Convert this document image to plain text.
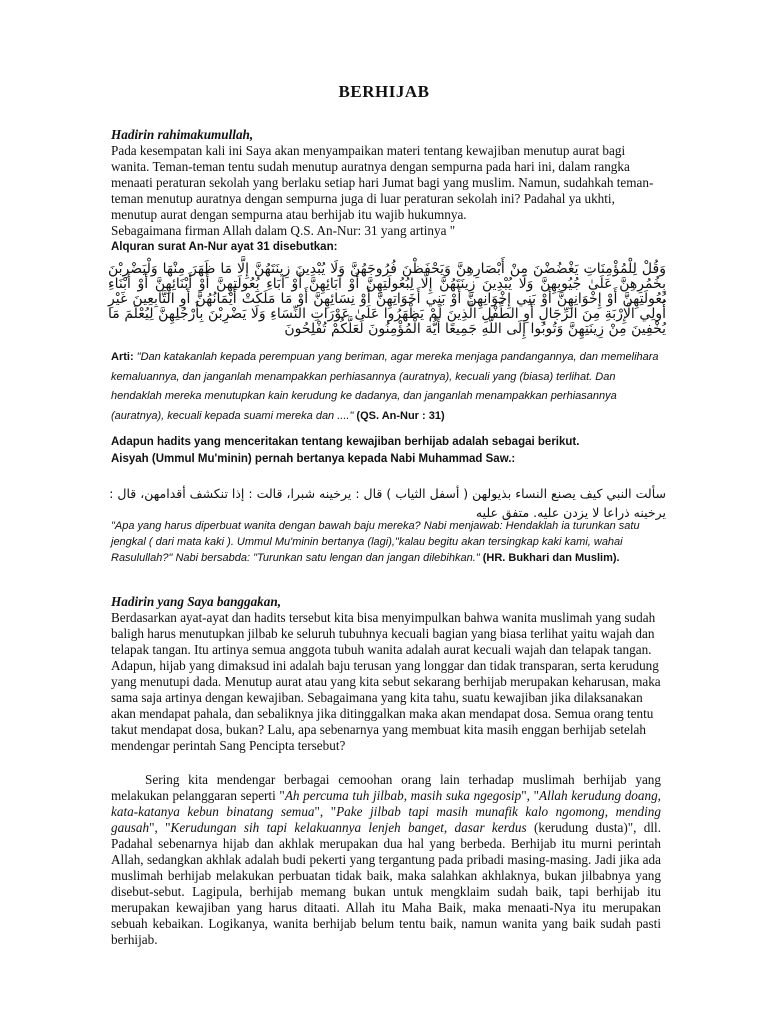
BERHIJAB
Hadirin rahimakumullah,
Pada kesempatan kali ini Saya akan menyampaikan materi tentang kewajiban menutup aurat bagi wanita. Teman-teman tentu sudah menutup auratnya dengan sempurna pada hari ini, dalam rangka menaati peraturan sekolah yang berlaku setiap hari Jumat bagi yang muslim. Namun, sudahkah teman-teman menutup auratnya dengan sempurna juga di luar peraturan sekolah ini? Padahal ya ukhti, menutup aurat dengan sempurna atau berhijab itu wajib hukumnya.
Sebagaimana firman Allah dalam Q.S. An-Nur: 31 yang artinya "
Alquran surat An-Nur ayat 31 disebutkan:
وَقُلْ لِلْمُؤْمِنَاتِ يَغْضُضْنَ مِنْ أَبْصَارِهِنَّ وَيَحْفَظْنَ فُرُوجَهُنَّ وَلَا يُبْدِينَ زِينَتَهُنَّ إِلَّا مَا ظَهَرَ مِنْهَا وَلْيَضْرِبْنَ بِخُمُرِهِنَّ عَلَىٰ جُيُوبِهِنَّ وَلَا يُبْدِينَ زِينَتَهُنَّ إِلَّا لِبُعُولَتِهِنَّ أَوْ آبَائِهِنَّ أَوْ آبَاءِ بُعُولَتِهِنَّ أَوْ أَبْنَائِهِنَّ أَوْ أَبْنَاءِ بُعُولَتِهِنَّ أَوْ إِخْوَانِهِنَّ أَوْ بَنِي إِخْوَانِهِنَّ أَوْ بَنِي أَخَوَاتِهِنَّ أَوْ نِسَائِهِنَّ أَوْ مَا مَلَكَتْ أَيْمَانُهُنَّ أَوِ التَّابِعِينَ غَيْرِ أُولِي الْإِرْبَةِ مِنَ الرِّجَالِ أَوِ الطِّفْلِ الَّذِينَ لَمْ يَظْهَرُوا عَلَىٰ عَوْرَاتِ النِّسَاءِ وَلَا يَضْرِبْنَ بِأَرْجُلِهِنَّ لِيُعْلَمَ مَا يُخْفِينَ مِنْ زِينَتِهِنَّ وَتُوبُوا إِلَى اللَّهِ جَمِيعًا أَيُّهَ الْمُؤْمِنُونَ لَعَلَّكُمْ تُفْلِحُونَ
Arti: "Dan katakanlah kepada perempuan yang beriman, agar mereka menjaga pandangannya, dan memelihara kemaluannya, dan janganlah menampakkan perhiasannya (auratnya), kecuali yang (biasa) terlihat. Dan hendaklah mereka menutupkan kain kerudung ke dadanya, dan janganlah menampakkan perhiasannya (auratnya), kecuali kepada suami mereka dan ...." (QS. An-Nur : 31)
Adapun hadits yang menceritakan tentang kewajiban berhijab adalah sebagai berikut.
Aisyah (Ummul Mu'minin) pernah bertanya kepada Nabi Muhammad Saw.:
سألت النبي كيف يصنع النساء بذيولهن ( أسفل الثياب ) قال : يرخينه شبرا، قالت : إذا تنكشف أقدامهن، قال : يرخينه ذراعا لا يزدن عليه. متفق عليه
"Apa yang harus diperbuat wanita dengan bawah baju mereka? Nabi menjawab: Hendaklah ia turunkan satu jengkal ( dari mata kaki ). Ummul Mu'minin bertanya (lagi),"kalau begitu akan tersingkap kaki kami, wahai Rasulullah?" Nabi bersabda: "Turunkan satu lengan dan jangan dilebihkan." (HR. Bukhari dan Muslim).
Hadirin yang Saya banggakan,
Berdasarkan ayat-ayat dan hadits tersebut kita bisa menyimpulkan bahwa wanita muslimah yang sudah baligh harus menutupkan jilbab ke seluruh tubuhnya kecuali bagian yang biasa terlihat yaitu wajah dan telapak tangan. Itu artinya semua anggota tubuh wanita adalah aurat kecuali wajah dan telapak tangan. Adapun, hijab yang dimaksud ini adalah baju terusan yang longgar dan tidak transparan, serta kerudung yang menutupi dada. Menutup aurat atau yang kita sebut sekarang berhijab merupakan keharusan, maka sama saja artinya dengan kewajiban. Sebagaimana yang kita tahu, suatu kewajiban jika dilaksanakan akan mendapat pahala, dan sebaliknya jika ditinggalkan maka akan mendapat dosa. Semua orang tentu takut mendapat dosa, bukan? Lalu, apa sebenarnya yang membuat kita masih enggan berhijab setelah mendengar perintah Sang Pencipta tersebut?
Sering kita mendengar berbagai cemoohan orang lain terhadap muslimah berhijab yang melakukan pelanggaran seperti "Ah percuma tuh jilbab, masih suka ngegosip", "Allah kerudung doang, kata-katanya kebun binatang semua", "Pake jilbab tapi masih munafik kalo ngomong, mending gausah", "Kerudungan sih tapi kelakuannya lenjeh banget, dasar kerdus (kerudung dusta)", dll. Padahal sebenarnya hijab dan akhlak merupakan dua hal yang berbeda. Berhijab itu murni perintah Allah, sedangkan akhlak adalah budi pekerti yang tergantung pada pribadi masing-masing. Jadi jika ada muslimah berhijab melakukan perbuatan tidak baik, maka salahkan akhlaknya, bukan jilbabnya yang disebut-sebut. Lagipula, berhijab memang bukan untuk mengklaim sudah baik, tapi berhijab itu merupakan kewajiban yang harus ditaati. Allah itu Maha Baik, maka menaati-Nya itu merupakan sebuah kebaikan. Logikanya, wanita berhijab belum tentu baik, namun wanita yang baik sudah pasti berhijab.
